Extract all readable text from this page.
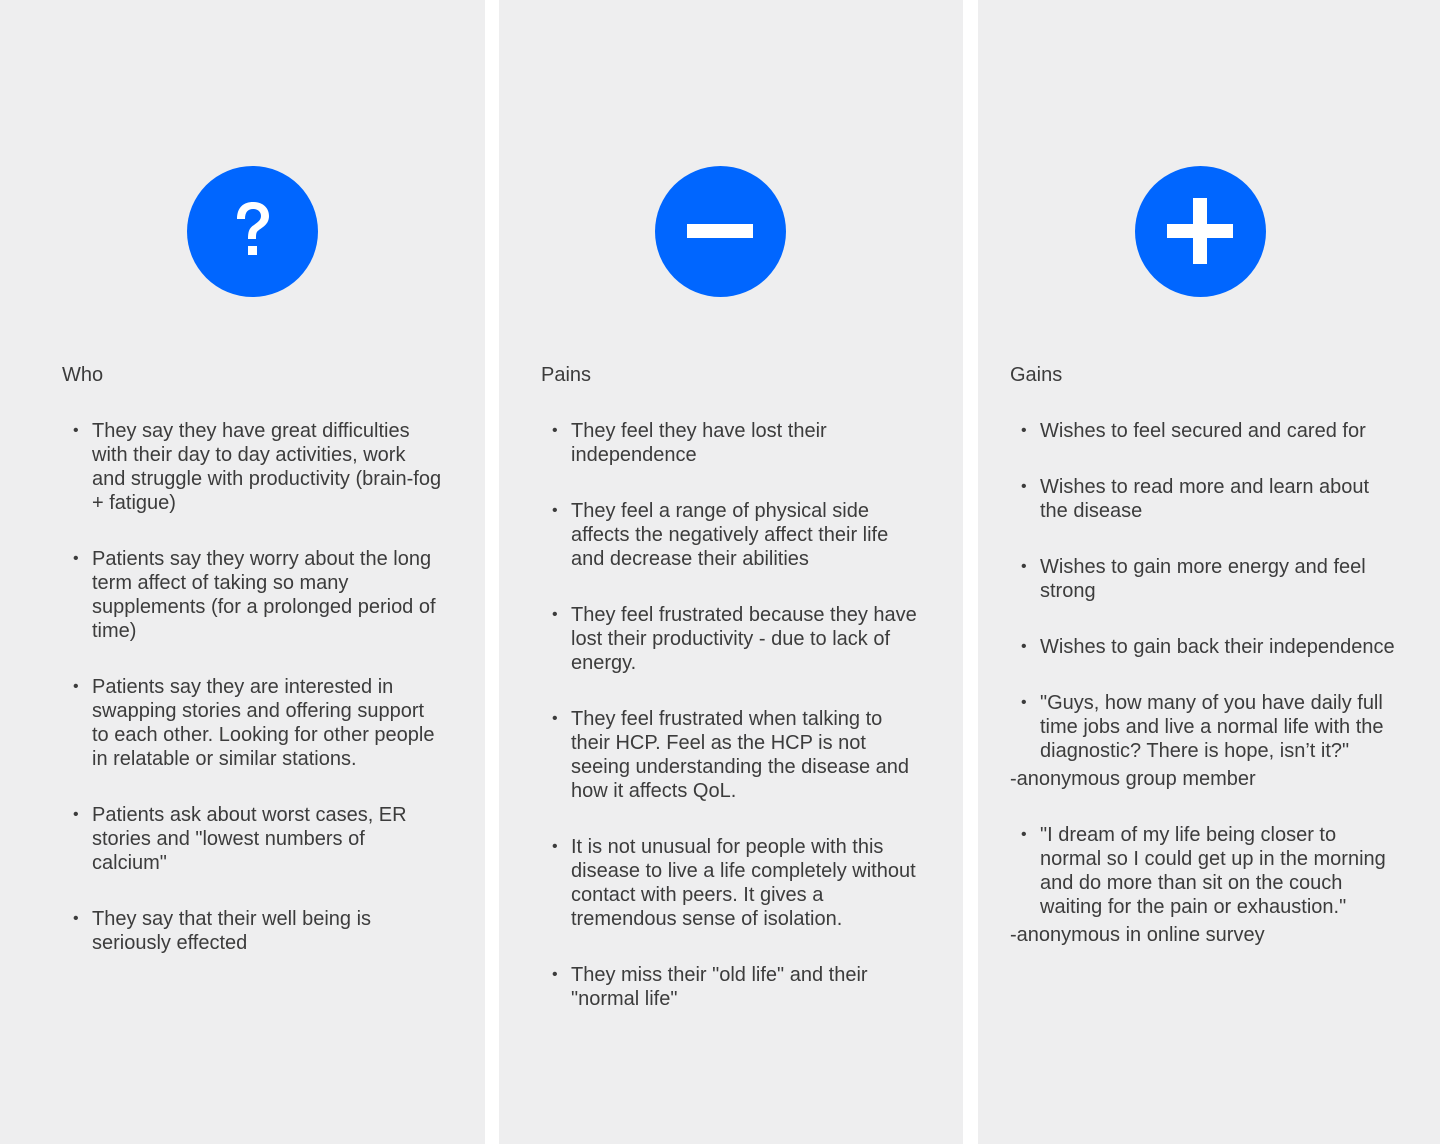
Who
• They say they have great difficulties with their day to day activities, work and struggle with productivity (brain-fog + fatigue)
• Patients say they worry about the long term affect of taking so many supplements (for a prolonged period of time)
• Patients say they are interested in swapping stories and offering support to each other. Looking for other people in relatable or similar stations.
• Patients ask about worst cases, ER stories and "lowest numbers of calcium"
• They say that their well being is seriously effected
Pains
• They feel they have lost their independence
• They feel a range of physical side affects the negatively affect their life and decrease their abilities
• They feel frustrated because they have lost their productivity - due to lack of energy.
• They feel frustrated when talking to their HCP. Feel as the HCP is not seeing understanding the disease and how it affects QoL.
• It is not unusual for people with this disease to live a life completely without contact with peers. It gives a tremendous sense of isolation.
• They miss their "old life" and their "normal life"
Gains
• Wishes to feel secured and cared for
• Wishes to read more and learn about the disease
• Wishes to gain more energy and feel strong
• Wishes to gain back their independence
• "Guys, how many of you have daily full time jobs and live a normal life with the diagnostic? There is hope, isn’t it?"
-anonymous group member
• "I dream of my life being closer to normal so I could get up in the morning and do more than sit on the couch waiting for the pain or exhaustion."
-anonymous in online survey
